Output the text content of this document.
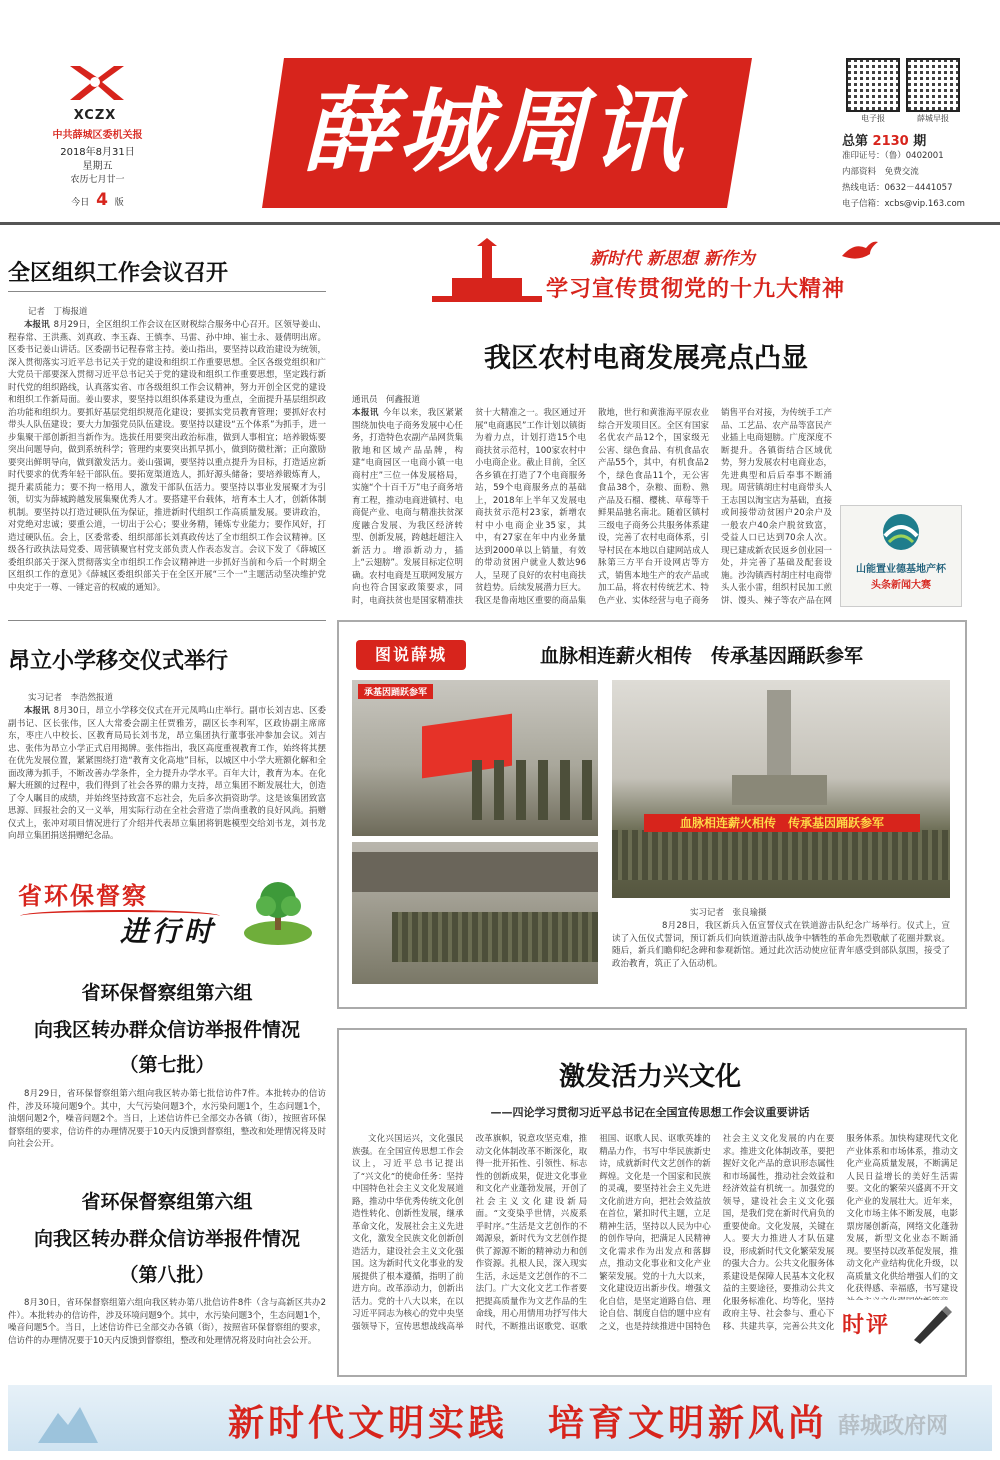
XCZX
中共薛城区委机关报
2018年8月31日
星期五
农历七月廿一
今日 4 版
薛城周讯	电子报	薛城早报
总第 2130 期
准印证号：（鲁）0402001
内部资料 免费交流
热线电话：0632－4441057
电子信箱：xcbs@vip.163.com
全区组织工作会议召开
记者　丁梅报道
本报讯 8月29日，全区组织工作会议在区财税综合服务中心召开。区领导姜山、程春常、王洪燕、刘真政、李玉森、王慎李、马雷、孙中坤、崔士永、聂倩明出席。区委书记姜山讲话。区委副书记程春常主持。姜山指出，要坚持以政治建设为统领，深入贯彻落实习近平总书记关于党的建设和组织工作重要思想。全区各级党组织和广大党员干部要深入贯彻习近平总书记关于党的建设和组织工作重要思想，坚定践行新时代党的组织路线，认真落实省、市各级组织工作会议精神，努力开创全区党的建设和组织工作新局面。姜山要求，要坚持以组织体系建设为重点，全面提升基层组织政治功能和组织力。要抓好基层党组织规范化建设；要抓实党员教育管理；要抓好农村带头人队伍建设；要大力加强党员队伍建设。要坚持以建设“五个体系”为抓手，进一步集聚干部创新担当新作为。选拔任用要突出政治标准，做到人事相宜；培养锻炼要突出问题导向，做到系统科学；管理约束要突出抓早抓小，做到防微杜渐；正向激励要突出鲜明导向，做到激发活力。姜山强调，要坚持以重点提升为目标，打造适应新时代要求的优秀年轻干部队伍。要拓宽渠道选人，抓好源头储备；要培养锻炼育人，提升素质能力；要不拘一格用人，激发干部队伍活力。要坚持以事业发展聚才为引领，切实为薛城跨越发展集聚优秀人才。要搭建平台载体，培育本土人才，创新体制机制。要坚持以打造过硬队伍为保证，推进新时代组织工作高质量发展。要讲政治，对党绝对忠诚；要重公道，一切出于公心；要业务精，锤炼专业能力；要作风好，打造过硬队伍。会上，区委常委、组织部部长刘真政传达了全市组织工作会议精神。区级各行政执法局党委、周营镇聚官村党支部负责人作表态发言。会议下发了《薛城区委组织部关于深入贯彻落实全市组织工作会议精神进一步抓好当前和今后一个时期全区组织工作的意见》《薛城区委组织部关于在全区开展“三个一”主题活动坚决维护党中央定于一尊、一锤定音的权威的通知》。
昂立小学移交仪式举行
实习记者　李浩然报道
本报讯 8月30日，昂立小学移交仪式在开元凤鸣山庄举行。副市长刘吉忠、区委副书记、区长张伟，区人大常委会副主任贾雅芳，副区长李利军，区政协副主席席东，枣庄八中校长、区教育局局长刘书龙，昂立集团执行董事张冲参加会议。刘吉忠、张伟为昂立小学正式启用揭牌。张伟指出，我区高度重视教育工作，始终将其摆在优先发展位置，紧紧围绕打造“教育文化高地”目标，以城区中小学大班额化解和全面改薄为抓手，不断改善办学条件，全力提升办学水平。百年大计，教育为本。在化解大班额的过程中，我们得到了社会各界的鼎力支持，昂立集团不断发展壮大，创造了令人瞩目的成绩，并始终坚持致富不忘社会，先后多次捐资助学。这是该集团致富思源、回报社会的又一义举，用实际行动在全社会营造了崇尚重教的良好风尚。捐赠仪式上，张冲对项目情况进行了介绍并代表昂立集团将钥匙模型交给刘书龙，刘书龙向昂立集团捐送捐赠纪念品。
省环保督察
进行时
省环保督察组第六组
向我区转办群众信访举报件情况
（第七批）
8月29日，省环保督察组第六组向我区转办第七批信访件7件。本批转办的信访件，涉及环境问题9个。其中，大气污染问题3个，水污染问题1个，生态问题1个，油烟问题2个，噪音问题2个。当日，上述信访件已全部交办各镇（街），按照省环保督察组的要求，信访件的办理情况要于10天内反馈到督察组，整改和处理情况将及时向社会公开。
省环保督察组第六组
向我区转办群众信访举报件情况
（第八批）
8月30日，省环保督察组第六组向我区转办第八批信访件8件（含与高新区共办2件）。本批转办的信访件，涉及环境问题9个。其中，水污染问题3个，生态问题1个，噪音问题5个。当日，上述信访件已全部交办各镇（街），按照省环保督察组的要求，信访件的办理情况要于10天内反馈到督察组，整改和处理情况将及时向社会公开。
新时代 新思想 新作为
学习宣传贯彻党的十九大精神
我区农村电商发展亮点凸显
通讯员　何鑫报道
本报讯 今年以来，我区紧紧围绕加快电子商务发展中心任务，打造特色农副产品网货集散地和区域产品品牌，构建“电商园区一电商小镇一电商村庄”三位一体发展格局，实施“个十百千万”电子商务培育工程，推动电商进镇村、电商促产业、电商与精准扶贫深度融合发展、为我区经济转型、创新发展，跨越赶超注入新活力。增添新动力，插上“云翅膀”。发展目标定位明确。农村电商是互联网发展方向也符合国家政策要求，同时，电商扶贫也是国家精准扶贫十大精准之一。我区通过开展“电商惠民”工作计划以镇街为着力点，计划打造15个电商扶贫示范村，100家农村中小电商企业。截止目前，全区各乡镇在打造了7个电商服务站，59个电商服务点的基础上，2018年上半年又发展电商扶贫示范村23家，新增农村中小电商企业35家，其中，有27家在年中内业务量达到2000单以上销量，有效的带动贫困户就业人数达96人，呈现了良好的农村电商扶贫趋势。后续发展潜力巨大。我区是鲁南地区重要的商品集散地，世行和黄淮海平原农业综合开发项目区。全区有国家名优农产品12个，国家级无公害、绿色食品、有机食品农产品55个，其中，有机食品2个，绿色食品11个，无公害食品38个，杂粮、面粉、熟产品及石榴、樱桃、草莓等千鲜果品驰名南北。随着区镇村三级电子商务公共服务体系建设，完善了农村电商体系，引导村民在本地以自建网站成人脉第三方平台开设网店等方式，销售本地生产的农产品或加工品，将农村传统艺术、特色产业、实体经营与电子商务销售平台对接，为传统手工产品、工艺品、农产品等富民产业插上电商翅膀。广度深度不断提升。各镇街结合区域优势，努力发展农村电商业态，先进典型和后后奉事不断涌现。周营镇胡庄村电商带头人王志国以淘宝店为基础，直接或间接带动贫困户20余户及一般农户40余户脱贫致富，受益人口已达到70余人次。现已建成新农民返乡创业园一处，并完善了基础及配套设施。沙沟镇西村胡庄村电商带头人张小雷，组织村民加工煎饼、馒头、辣子等农产品在网
山能置业德基地产杯
头条新闻大赛
图说薛城	血脉相连薪火相传　传承基因踊跃参军
承基因踊跃参军
血脉相连薪火相传　传承基因踊跃参军
实习记者　张良瑜摄
8月28日，我区新兵入伍宣誓仪式在铁道游击队纪念广场举行。仪式上，宣读了入伍仪式誓词，预订新兵们向铁道游击队战争中牺牲的革命先烈敬献了花圈并默哀。随后，新兵们瞻仰纪念碑和参观新馆。通过此次活动使应征青年感受到部队氛围，接受了政治教育，筑正了入伍动机。
激发活力兴文化
——四论学习贯彻习近平总书记在全国宣传思想工作会议重要讲话
文化兴国运兴，文化强民族强。在全国宣传思想工作会议上，习近平总书记提出了“兴文化”的使命任务：坚持中国特色社会主义文化发展道路，推动中华优秀传统文化创造性转化、创新性发展，继承革命文化，发展社会主义先进文化，激发全民族文化创新创造活力，建设社会主义文化强国。这为新时代文化事业的发展提供了根本遵循，指明了前进方向。改革添动力，创新出活力。党的十八大以来，在以习近平同志为核心的党中央坚强领导下，宣传思想战线高举改革旗帜，锐意攻坚克难，推动文化体制改革不断深化，取得一批开拓性、引领性、标志性的创新成果，促进文化事业和文化产业蓬勃发展，开创了社会主义文化建设新局面。“文变染乎世情，兴废系乎时序。”生活是文艺创作的不竭源泉，新时代为文艺创作提供了源源不断的精神动力和创作资源。扎根人民，深入现实生活，永远是文艺创作的不二法门。广大文化文艺工作者要把提高质量作为文艺作品的生命线，用心用情用功抒写伟大时代，不断推出讴歌党、讴歌祖国、讴歌人民、讴歌英雄的精品力作，书写中华民族新史诗，成就新时代文艺创作的新辉煌。文化是一个国家和民族的灵魂，要坚持社会主义先进文化前进方向，把社会效益放在首位，紧扣时代主题，立足精神生活，坚持以人民为中心的创作导向，把满足人民精神文化需求作为出发点和落脚点，推动文化事业和文化产业繁荣发展。党的十九大以来，文化建设迈出新步伐。增强文化自信，是坚定道路自信、理论自信、制度自信的题中应有之义，也是持续推进中国特色社会主义文化发展的内在要求。推进文化体制改革，要把握好文化产品的意识形态属性和市场属性，推动社会效益和经济效益有机统一。加强党的领导，建设社会主义文化强国，是我们党在新时代肩负的重要使命。文化发展，关键在人。要大力推进人才队伍建设，形成新时代文化繁荣发展的强大合力。公共文化服务体系建设是保障人民基本文化权益的主要途径，要推动公共文化服务标准化、均等化，坚持政府主导、社会参与、重心下移、共建共享，完善公共文化服务体系。加快构建现代文化产业体系和市场体系，推动文化产业高质量发展，不断满足人民日益增长的美好生活需要。文化的繁荣兴盛离不开文化产业的发展壮大。近年来，文化市场主体不断发展，电影票房屡创新高，网络文化蓬勃发展，新型文化业态不断涌现。要坚持以改革促发展，推动文化产业结构优化升级，以高质量文化供给增强人们的文化获得感、幸福感，书写建设
时评
新时代文明实践　培育文明新风尚 薛城政府网
